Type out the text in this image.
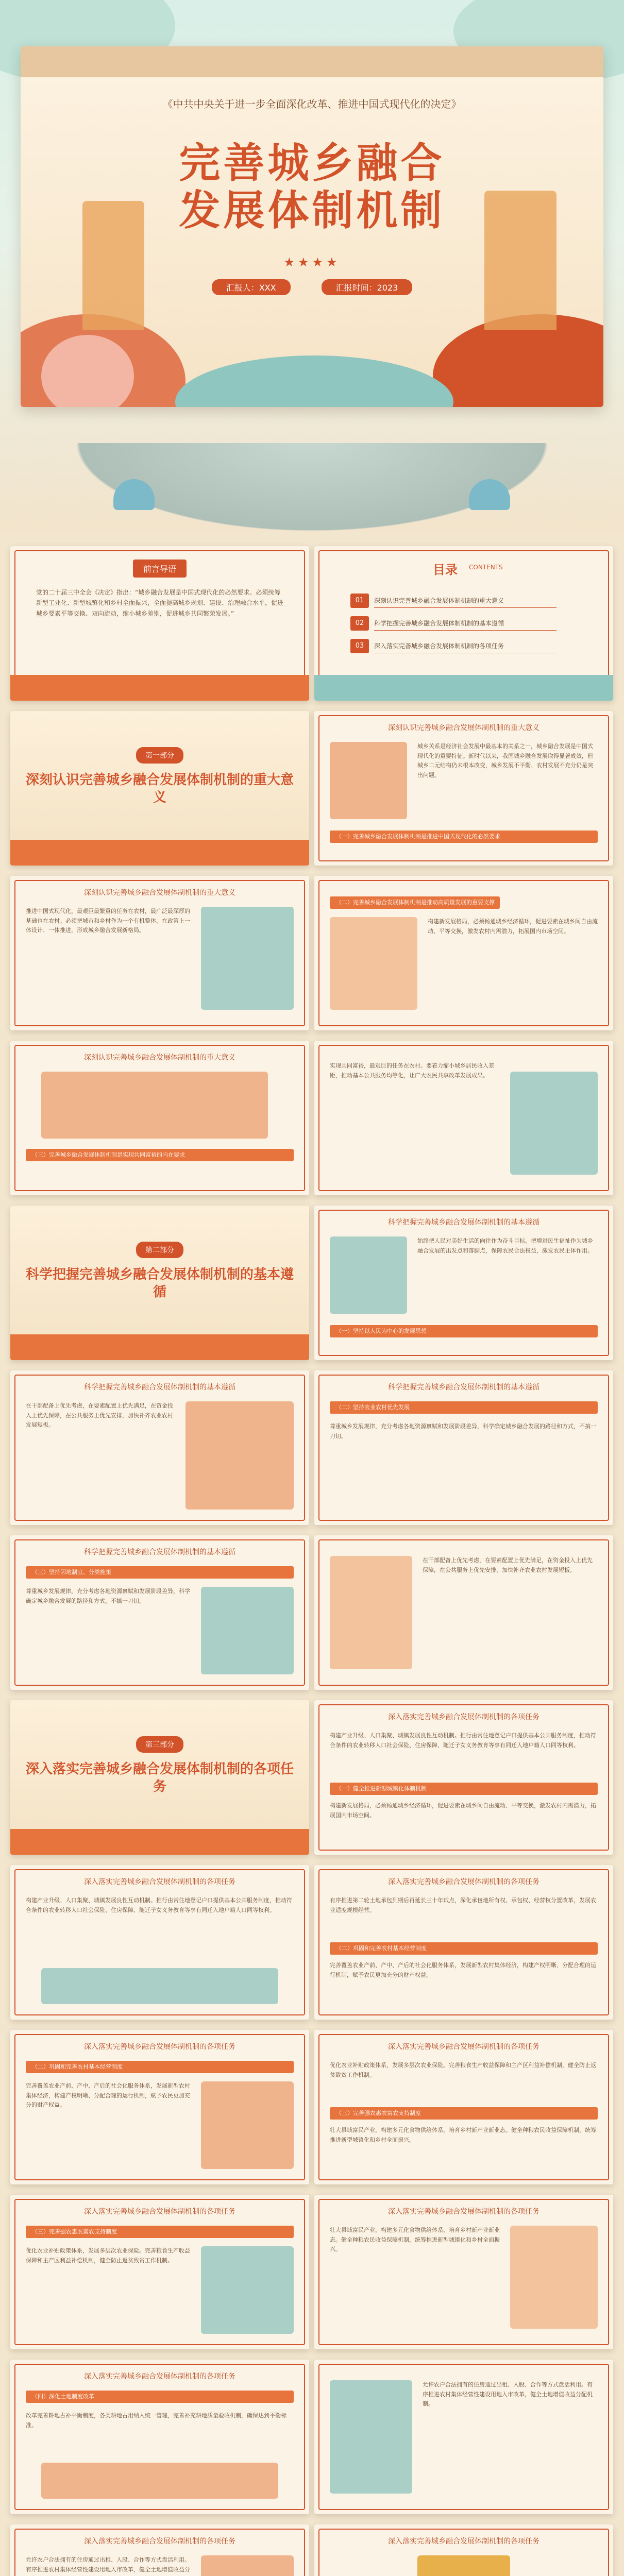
《中共中央关于进一步全面深化改革、推进中国式现代化的决定》
完善城乡融合
发展体制机制
★★★★
汇报人：XXX	汇报时间：2023
前言导语
党的二十届三中全会《决定》指出：“城乡融合发展是中国式现代化的必然要求。必须统筹新型工业化、新型城镇化和乡村全面振兴，全面提高城乡规划、建设、治理融合水平，促进城乡要素平等交换、双向流动，缩小城乡差别，促进城乡共同繁荣发展。”
目录 CONTENTS
01	深刻认识完善城乡融合发展体制机制的重大意义
02	科学把握完善城乡融合发展体制机制的基本遵循
03	深入落实完善城乡融合发展体制机制的各项任务
第一部分
深刻认识完善城乡融合发展体制机制的重大意义
深刻认识完善城乡融合发展体制机制的重大意义
城乡关系是经济社会发展中最基本的关系之一，城乡融合发展是中国式现代化的重要特征。新时代以来，我国城乡融合发展取得显著成效，但城乡二元结构仍未根本改变，城乡发展不平衡、农村发展不充分仍是突出问题。
（一）完善城乡融合发展体制机制是推进中国式现代化的必然要求
深刻认识完善城乡融合发展体制机制的重大意义
推进中国式现代化，最艰巨最繁重的任务在农村，最广泛最深厚的基础也在农村。必须把城市和乡村作为一个有机整体，在政策上一体设计、一体推进，形成城乡融合发展新格局。
（二）完善城乡融合发展体制机制是推动高质量发展的重要支撑
构建新发展格局，必须畅通城乡经济循环，促进要素在城乡间自由流动、平等交换，激发农村内需潜力，拓展国内市场空间。
深刻认识完善城乡融合发展体制机制的重大意义
（三）完善城乡融合发展体制机制是实现共同富裕的内在要求
实现共同富裕，最艰巨的任务在农村。要着力缩小城乡居民收入差距，推动基本公共服务均等化，让广大农民共享改革发展成果。
第二部分
科学把握完善城乡融合发展体制机制的基本遵循
科学把握完善城乡融合发展体制机制的基本遵循
始终把人民对美好生活的向往作为奋斗目标，把增进民生福祉作为城乡融合发展的出发点和落脚点，保障农民合法权益，激发农民主体作用。
（一）坚持以人民为中心的发展思想
科学把握完善城乡融合发展体制机制的基本遵循
在干部配备上优先考虑，在要素配置上优先满足，在资金投入上优先保障，在公共服务上优先安排，加快补齐农业农村发展短板。
科学把握完善城乡融合发展体制机制的基本遵循
（二）坚持农业农村优先发展
尊重城乡发展规律，充分考虑各地资源禀赋和发展阶段差异，科学确定城乡融合发展的路径和方式，不搞一刀切。
科学把握完善城乡融合发展体制机制的基本遵循
（三）坚持因地制宜、分类施策
尊重城乡发展规律，充分考虑各地资源禀赋和发展阶段差异，科学确定城乡融合发展的路径和方式，不搞一刀切。
在干部配备上优先考虑，在要素配置上优先满足，在资金投入上优先保障，在公共服务上优先安排，加快补齐农业农村发展短板。
第三部分
深入落实完善城乡融合发展体制机制的各项任务
深入落实完善城乡融合发展体制机制的各项任务
构建产业升级、人口集聚、城镇发展良性互动机制。推行由常住地登记户口提供基本公共服务制度，推动符合条件的农业转移人口社会保险、住房保障、随迁子女义务教育等享有同迁入地户籍人口同等权利。
（一）健全推进新型城镇化体制机制
构建新发展格局，必须畅通城乡经济循环，促进要素在城乡间自由流动、平等交换，激发农村内需潜力，拓展国内市场空间。
深入落实完善城乡融合发展体制机制的各项任务
构建产业升级、人口集聚、城镇发展良性互动机制。推行由常住地登记户口提供基本公共服务制度，推动符合条件的农业转移人口社会保险、住房保障、随迁子女义务教育等享有同迁入地户籍人口同等权利。
深入落实完善城乡融合发展体制机制的各项任务
有序推进第二轮土地承包到期后再延长三十年试点，深化承包地所有权、承包权、经营权分置改革，发展农业适度规模经营。
（二）巩固和完善农村基本经营制度
完善覆盖农业产前、产中、产后的社会化服务体系，发展新型农村集体经济，构建产权明晰、分配合理的运行机制，赋予农民更加充分的财产权益。
深入落实完善城乡融合发展体制机制的各项任务
（二）巩固和完善农村基本经营制度
完善覆盖农业产前、产中、产后的社会化服务体系，发展新型农村集体经济，构建产权明晰、分配合理的运行机制，赋予农民更加充分的财产权益。
深入落实完善城乡融合发展体制机制的各项任务
优化农业补贴政策体系，发展多层次农业保险。完善粮食生产收益保障和主产区利益补偿机制，健全防止返贫致贫工作机制。
（三）完善强农惠农富农支持制度
壮大县域富民产业，构建多元化食物供给体系，培育乡村新产业新业态。健全种粮农民收益保障机制，统筹推进新型城镇化和乡村全面振兴。
深入落实完善城乡融合发展体制机制的各项任务
（三）完善强农惠农富农支持制度
优化农业补贴政策体系，发展多层次农业保险。完善粮食生产收益保障和主产区利益补偿机制，健全防止返贫致贫工作机制。
深入落实完善城乡融合发展体制机制的各项任务
壮大县域富民产业，构建多元化食物供给体系，培育乡村新产业新业态。健全种粮农民收益保障机制，统筹推进新型城镇化和乡村全面振兴。
深入落实完善城乡融合发展体制机制的各项任务
（四）深化土地制度改革
改革完善耕地占补平衡制度，各类耕地占用纳入统一管理，完善补充耕地质量验收机制，确保达到平衡标准。
允许农户合法拥有的住房通过出租、入股、合作等方式盘活利用。有序推进农村集体经营性建设用地入市改革，健全土地增值收益分配机制。
深入落实完善城乡融合发展体制机制的各项任务
允许农户合法拥有的住房通过出租、入股、合作等方式盘活利用。有序推进农村集体经营性建设用地入市改革，健全土地增值收益分
深入落实完善城乡融合发展体制机制的各项任务
